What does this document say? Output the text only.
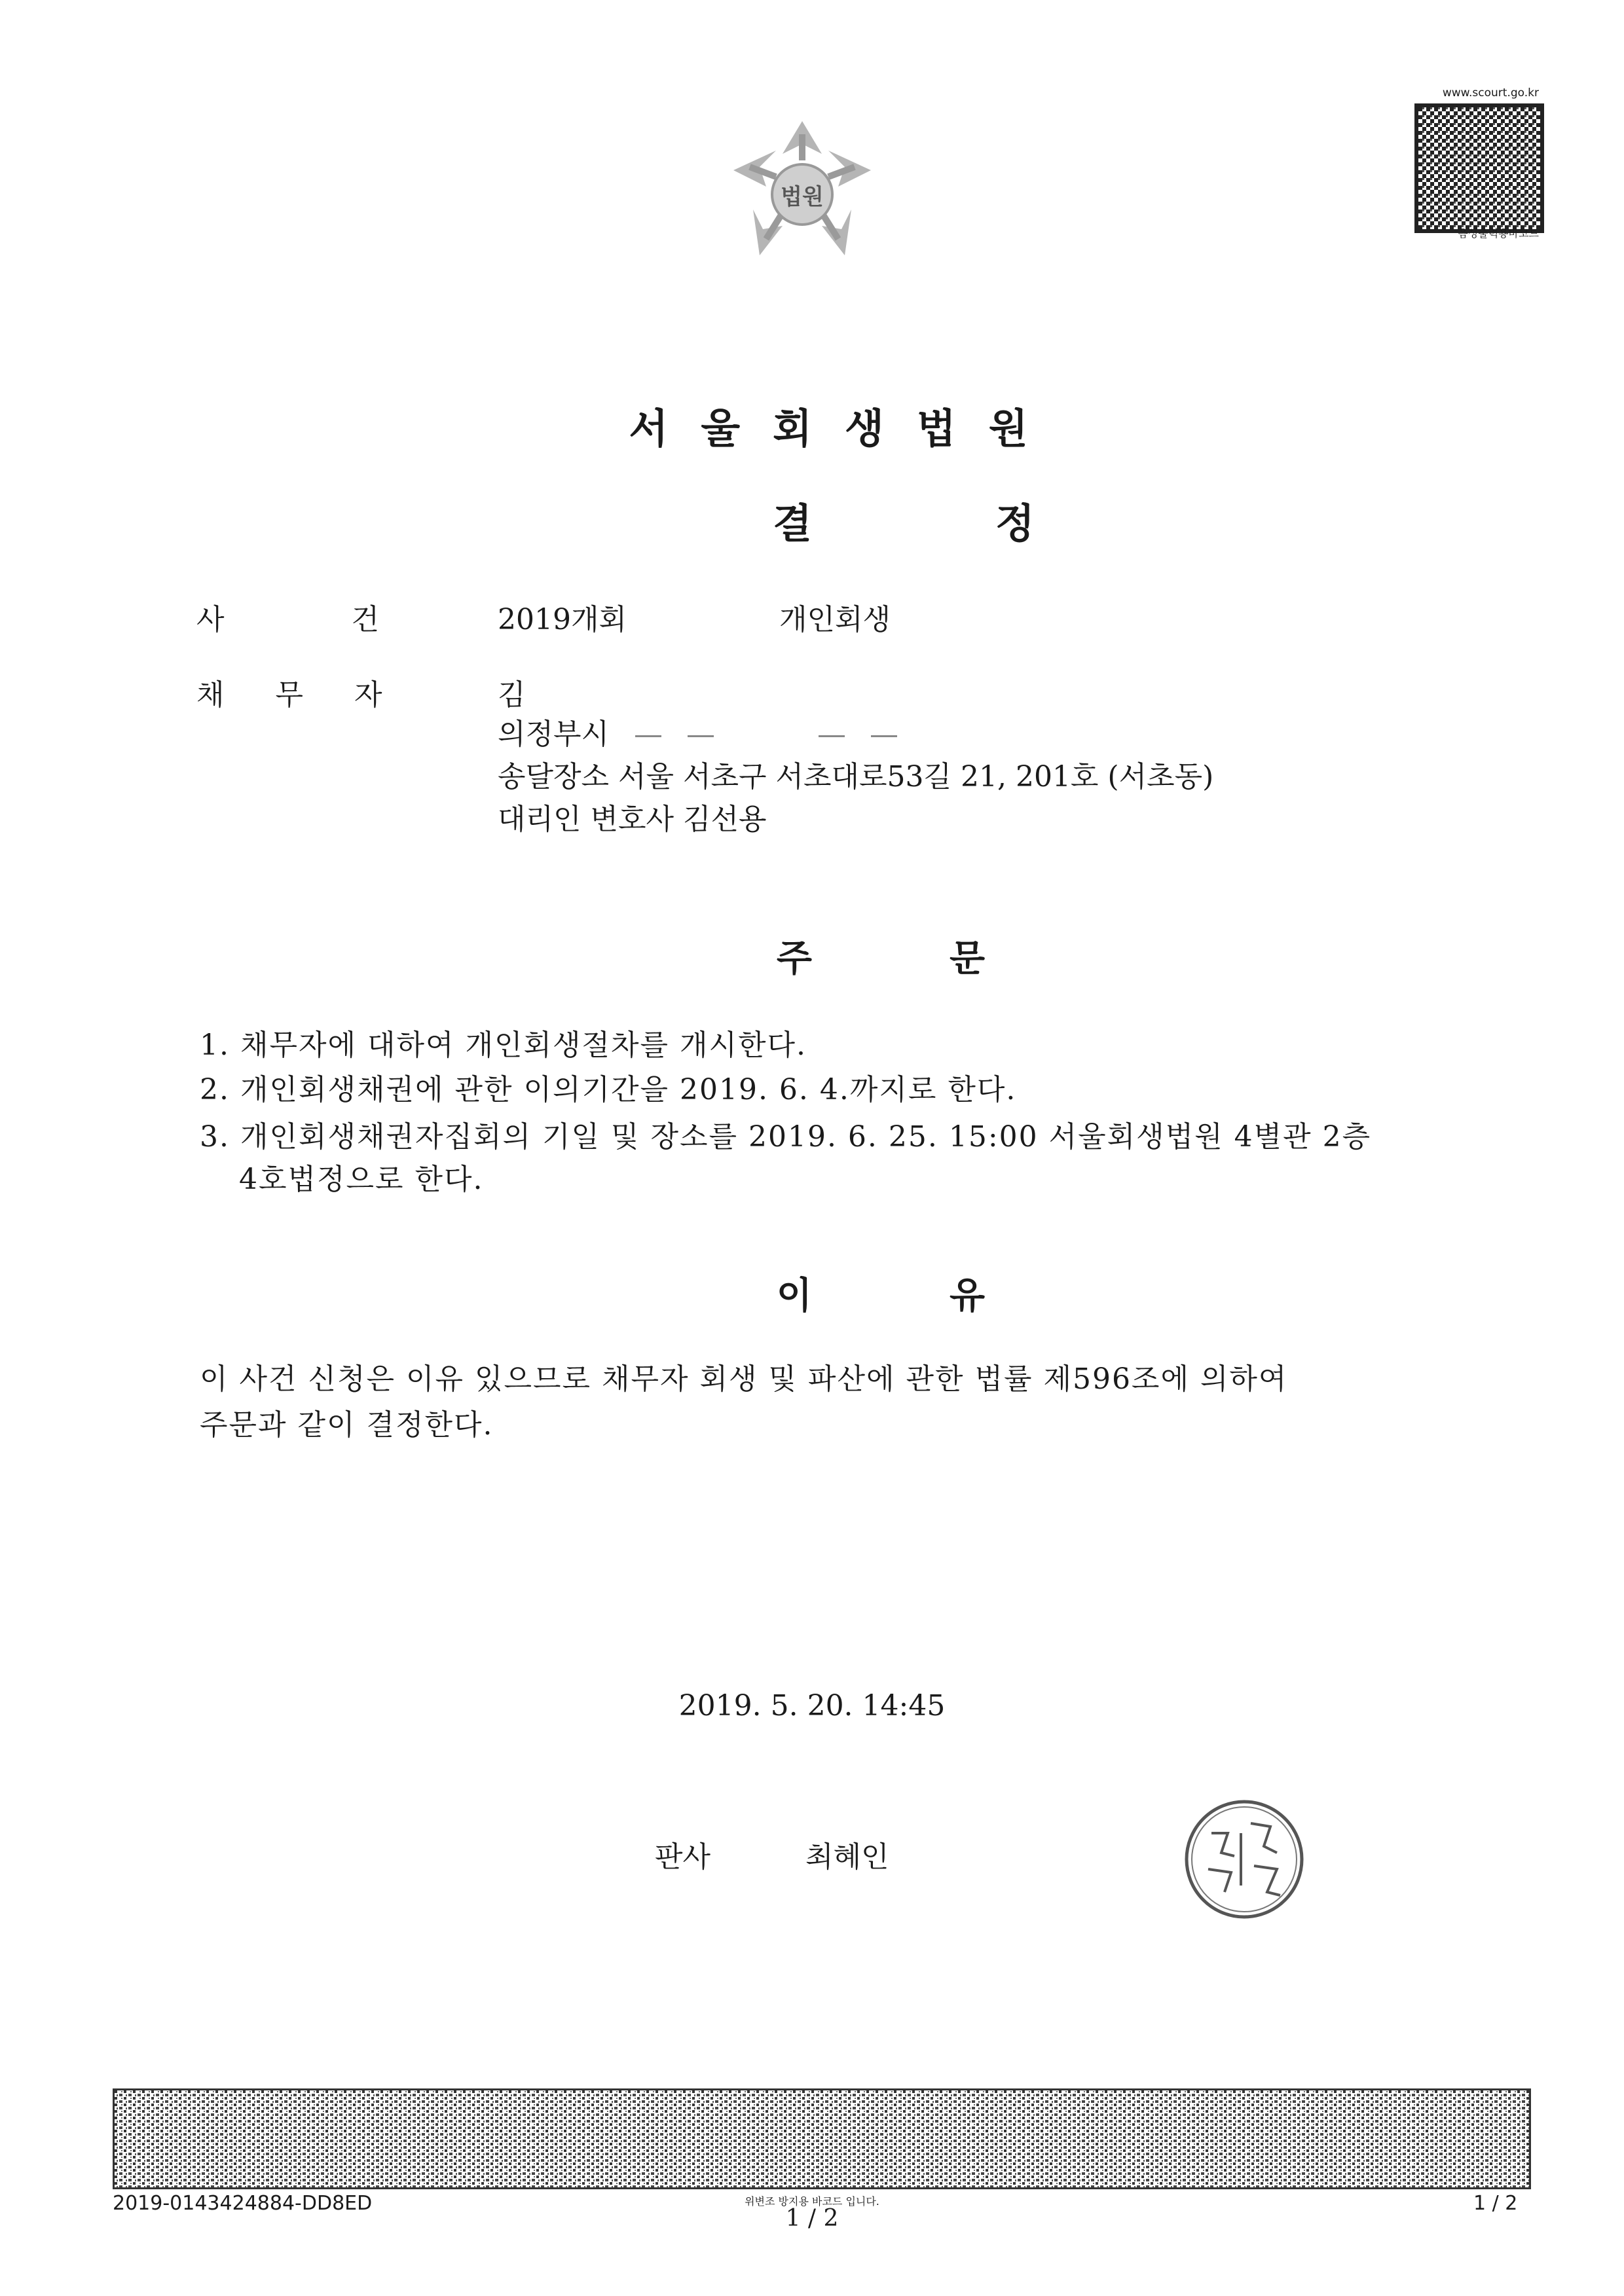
www.scourt.go.kr
음성출력용바코드
법원
서울회생법원
결정
사 건	2019개회	개인회생
채무자 김
의정부시
송달장소 서울 서초구 서초대로53길 21, 201호 (서초동)
대리인 변호사 김선용
주문
1. 채무자에 대하여 개인회생절차를 개시한다.
2. 개인회생채권에 관한 이의기간을 2019. 6. 4.까지로 한다.
3. 개인회생채권자집회의 기일 및 장소를 2019. 6. 25. 15:00 서울회생법원 4별관 2층
4호법정으로 한다.
이유
이 사건 신청은 이유 있으므로 채무자 회생 및 파산에 관한 법률 제596조에 의하여
주문과 같이 결정한다.
2019. 5. 20. 14:45
판사	최혜인
2019-0143424884-DD8ED	위변조 방지용 바코드 입니다.
1 / 2
1 / 2
